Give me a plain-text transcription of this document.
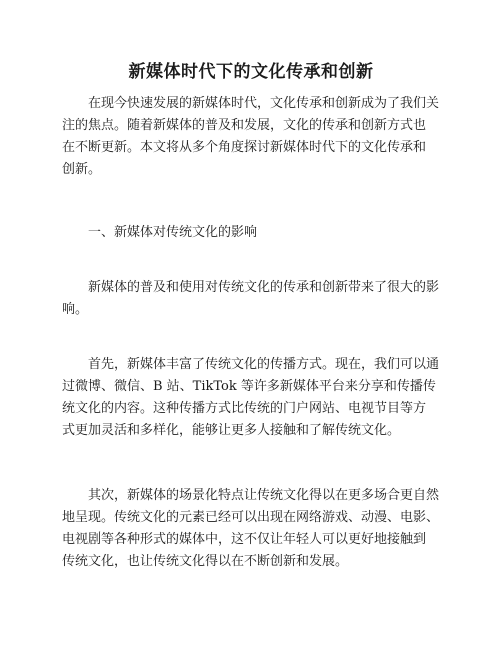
新媒体时代下的文化传承和创新
在现今快速发展的新媒体时代，文化传承和创新成为了我们关
注的焦点。随着新媒体的普及和发展，文化的传承和创新方式也
在不断更新。本文将从多个角度探讨新媒体时代下的文化传承和
创新。
一、新媒体对传统文化的影响
新媒体的普及和使用对传统文化的传承和创新带来了很大的影
响。
首先，新媒体丰富了传统文化的传播方式。现在，我们可以通
过微博、微信、B 站、TikTok 等许多新媒体平台来分享和传播传
统文化的内容。这种传播方式比传统的门户网站、电视节目等方
式更加灵活和多样化，能够让更多人接触和了解传统文化。
其次，新媒体的场景化特点让传统文化得以在更多场合更自然
地呈现。传统文化的元素已经可以出现在网络游戏、动漫、电影、
电视剧等各种形式的媒体中，这不仅让年轻人可以更好地接触到
传统文化，也让传统文化得以在不断创新和发展。
